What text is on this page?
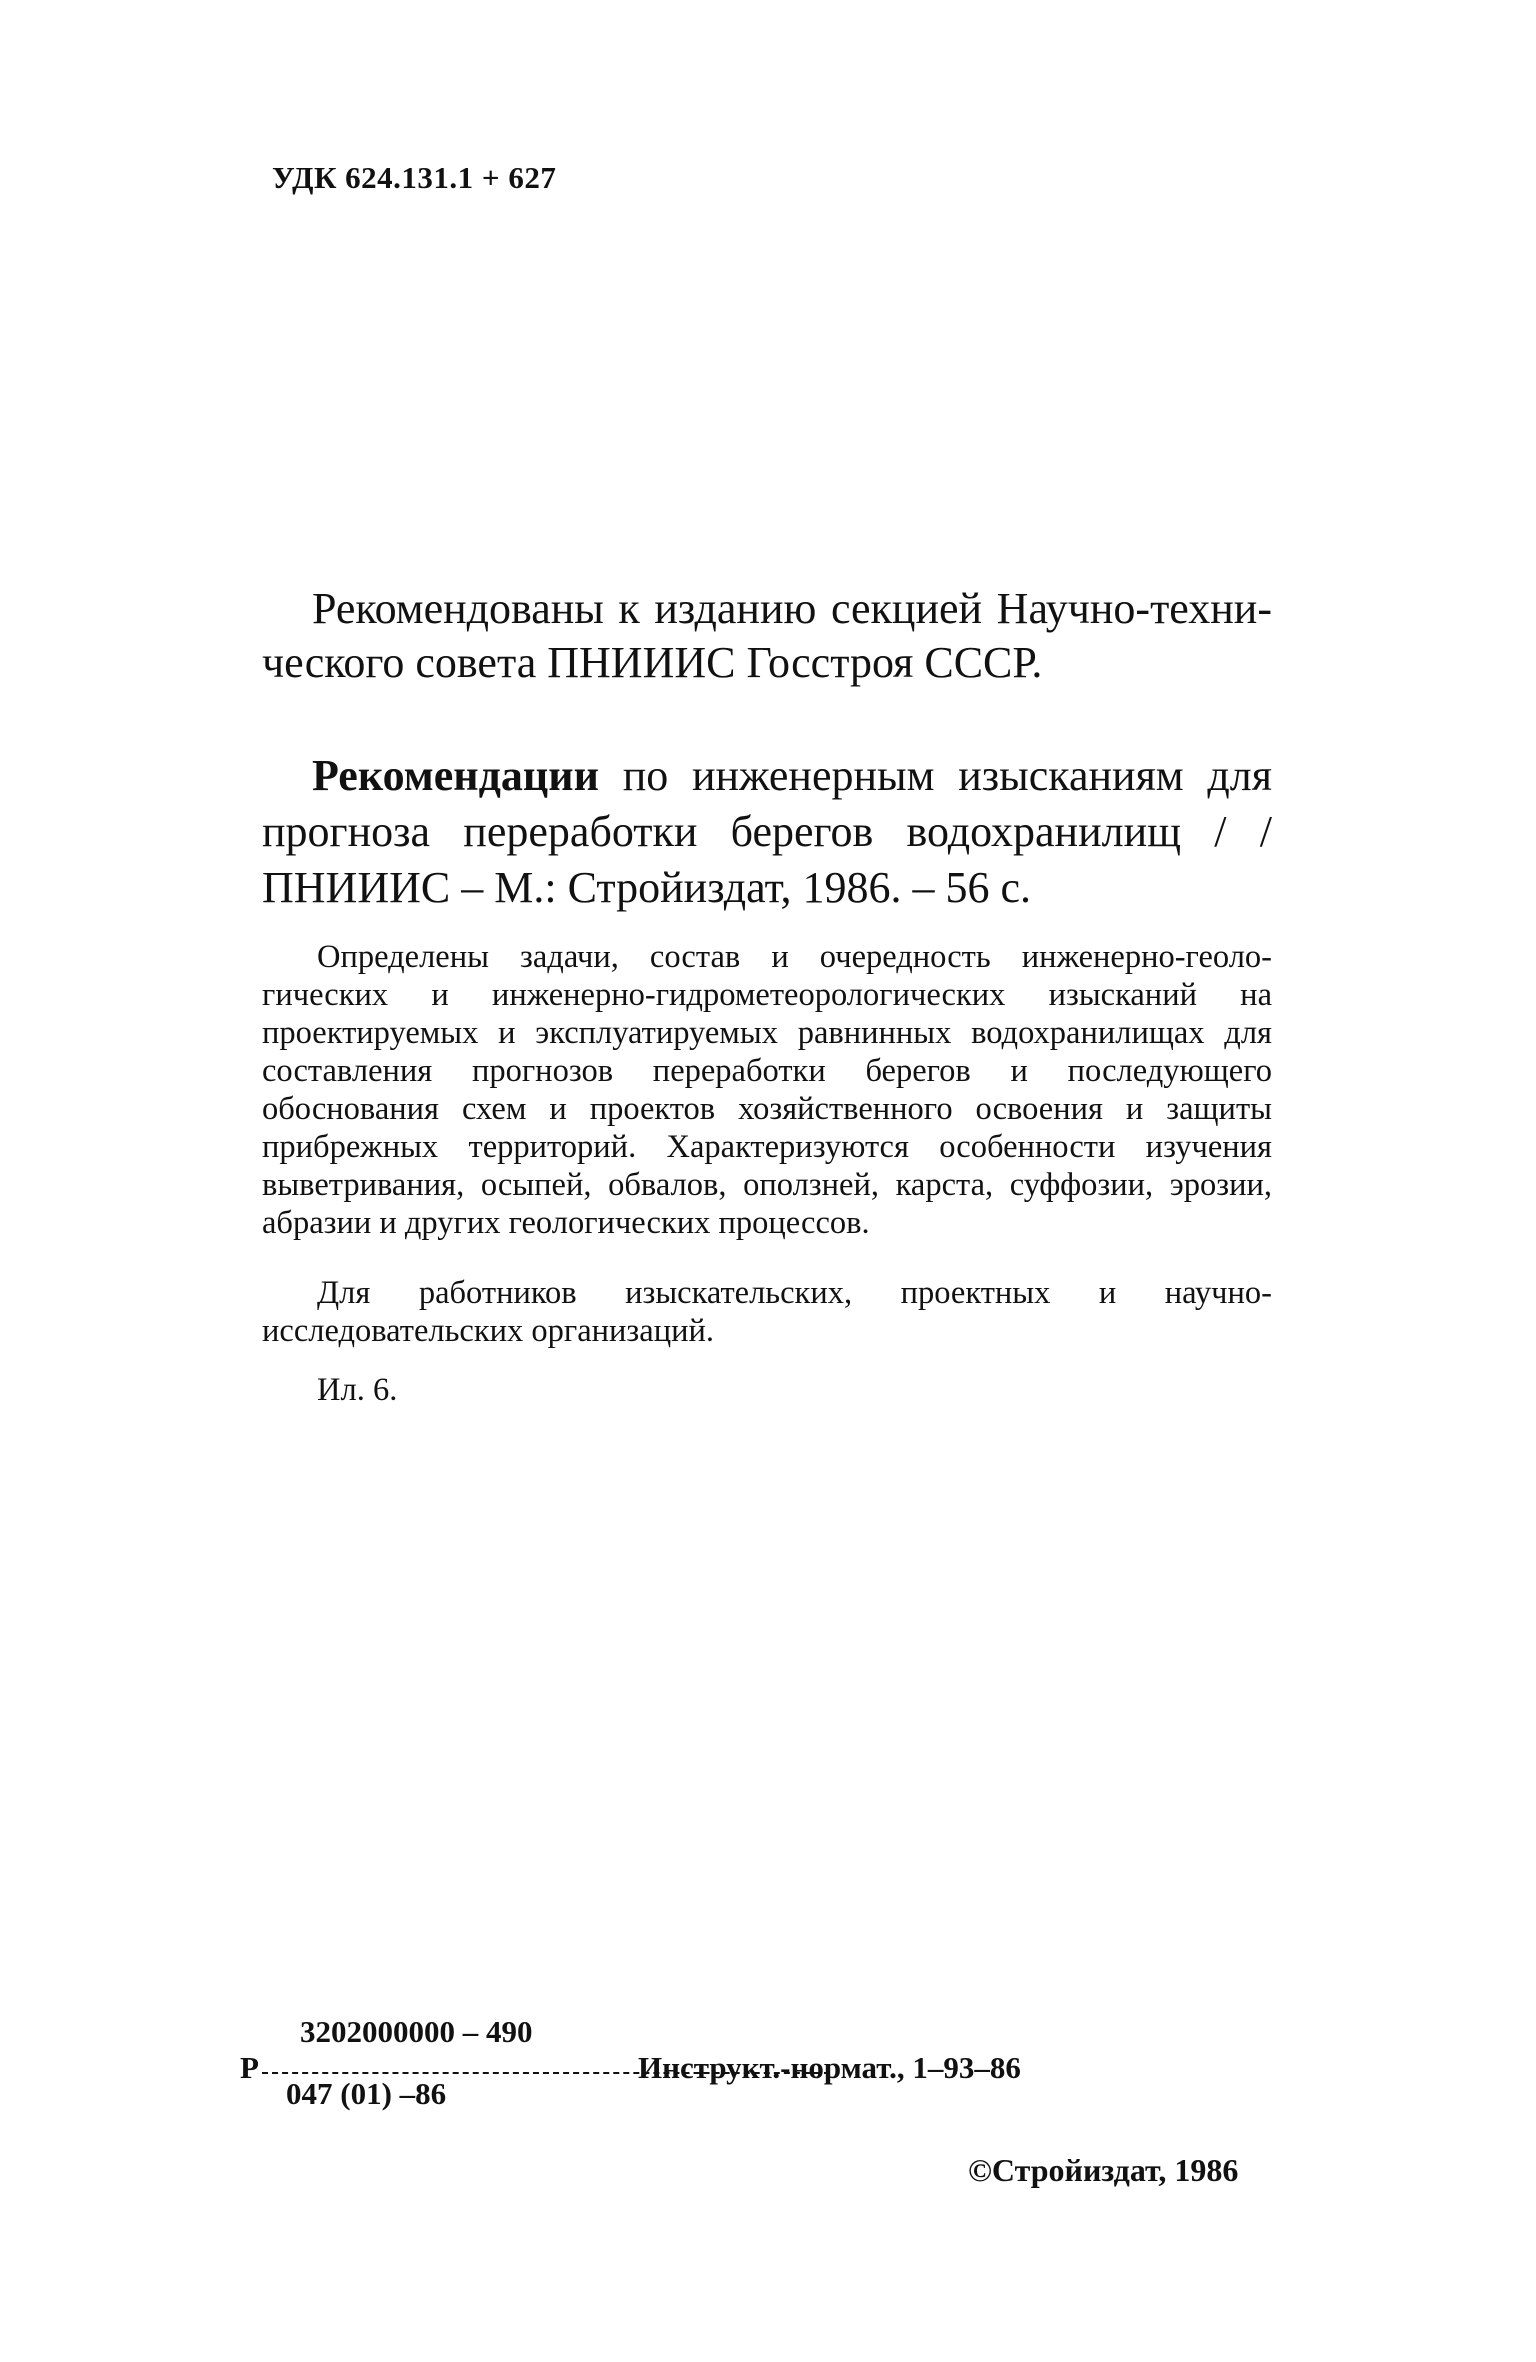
УДК 624.131.1 + 627
Рекомендованы к изданию секцией Научно-технического совета ПНИИИС Госстроя СССР.
Рекомендации по инженерным изысканиям для прогноза переработки берегов водохранилищ / /ПНИИИС – М.: Стройиздат, 1986. – 56 с.
Определены задачи, состав и очередность инженерно-геологических и инженерно-гидрометеорологических изысканий на проектируемых и эксплуатируемых равнинных водохранилищах для составления прогнозов переработки берегов и последующего обоснования схем и проектов хозяйственного освоения и защиты прибрежных территорий. Характеризуются особенности изучения выветривания, осыпей, обвалов, оползней, карста, суффозии, эрозии, абразии и других геологических процессов.
Для работников изыскательских, проектных и научно-исследовательских организаций.
Ил. 6.
Р
3202000000 – 490
047 (01) –86
Инструкт.-нормат., 1–93–86
©Стройиздат, 1986
